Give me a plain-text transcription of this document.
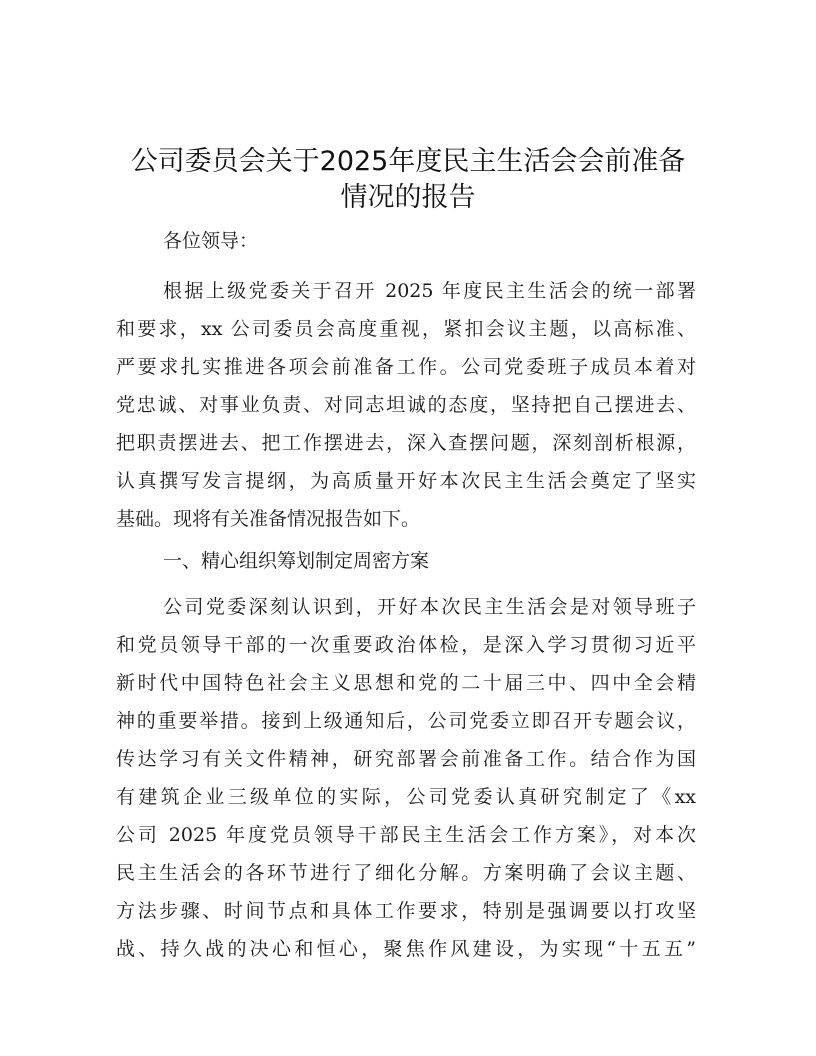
公司委员会关于2025年度民主生活会会前准备
情况的报告
各位领导：
根据上级党委关于召开 2025 年度民主生活会的统一部署
和要求，xx 公司委员会高度重视，紧扣会议主题，以高标准、
严要求扎实推进各项会前准备工作。公司党委班子成员本着对
党忠诚、对事业负责、对同志坦诚的态度，坚持把自己摆进去、
把职责摆进去、把工作摆进去，深入查摆问题，深刻剖析根源，
认真撰写发言提纲，为高质量开好本次民主生活会奠定了坚实
基础。现将有关准备情况报告如下。
一、精心组织筹划制定周密方案
公司党委深刻认识到，开好本次民主生活会是对领导班子
和党员领导干部的一次重要政治体检，是深入学习贯彻习近平
新时代中国特色社会主义思想和党的二十届三中、四中全会精
神的重要举措。接到上级通知后，公司党委立即召开专题会议，
传达学习有关文件精神，研究部署会前准备工作。结合作为国
有建筑企业三级单位的实际，公司党委认真研究制定了《xx
公司 2025 年度党员领导干部民主生活会工作方案》，对本次
民主生活会的各环节进行了细化分解。方案明确了会议主题、
方法步骤、时间节点和具体工作要求，特别是强调要以打攻坚
战、持久战的决心和恒心，聚焦作风建设，为实现“十五五”
